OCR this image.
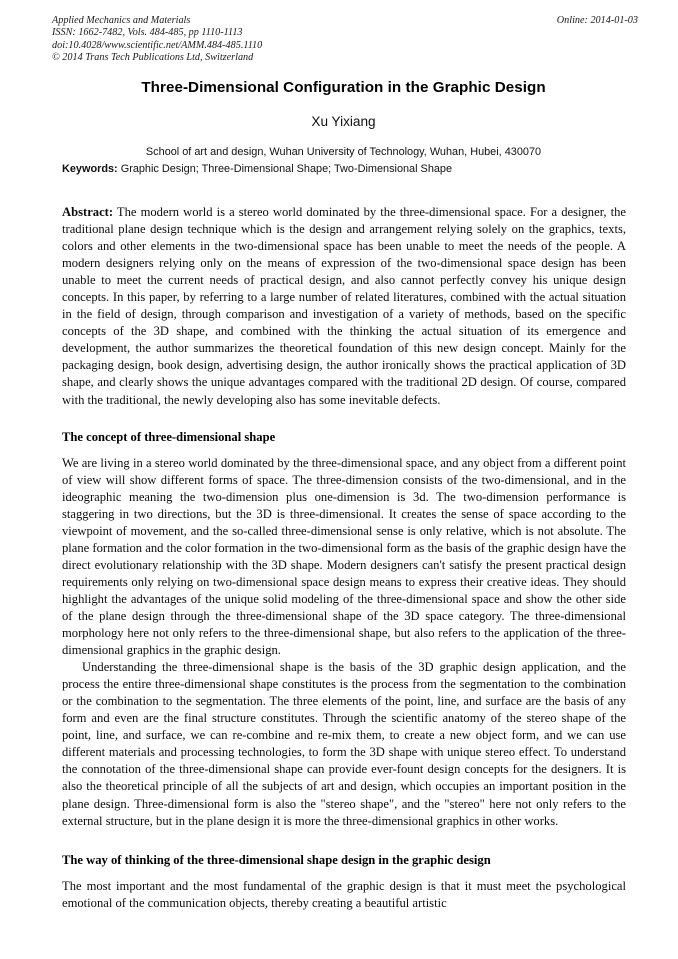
Applied Mechanics and Materials
ISSN: 1662-7482, Vols. 484-485, pp 1110-1113
doi:10.4028/www.scientific.net/AMM.484-485.1110
© 2014 Trans Tech Publications Ltd, Switzerland
Online: 2014-01-03
Three-Dimensional Configuration in the Graphic Design
Xu Yixiang
School of art and design, Wuhan University of Technology, Wuhan, Hubei, 430070
Keywords: Graphic Design; Three-Dimensional Shape; Two-Dimensional Shape

Abstract: The modern world is a stereo world dominated by the three-dimensional space. For a designer, the traditional plane design technique which is the design and arrangement relying solely on the graphics, texts, colors and other elements in the two-dimensional space has been unable to meet the needs of the people. A modern designers relying only on the means of expression of the two-dimensional space design has been unable to meet the current needs of practical design, and also cannot perfectly convey his unique design concepts. In this paper, by referring to a large number of related literatures, combined with the actual situation in the field of design, through comparison and investigation of a variety of methods, based on the specific concepts of the 3D shape, and combined with the thinking the actual situation of its emergence and development, the author summarizes the theoretical foundation of this new design concept. Mainly for the packaging design, book design, advertising design, the author ironically shows the practical application of 3D shape, and clearly shows the unique advantages compared with the traditional 2D design. Of course, compared with the traditional, the newly developing also has some inevitable defects.

The concept of three-dimensional shape

We are living in a stereo world dominated by the three-dimensional space, and any object from a different point of view will show different forms of space. The three-dimension consists of the two-dimensional, and in the ideographic meaning the two-dimension plus one-dimension is 3d. The two-dimension performance is staggering in two directions, but the 3D is three-dimensional. It creates the sense of space according to the viewpoint of movement, and the so-called three-dimensional sense is only relative, which is not absolute. The plane formation and the color formation in the two-dimensional form as the basis of the graphic design have the direct evolutionary relationship with the 3D shape. Modern designers can't satisfy the present practical design requirements only relying on two-dimensional space design means to express their creative ideas. They should highlight the advantages of the unique solid modeling of the three-dimensional space and show the other side of the plane design through the three-dimensional shape of the 3D space category. The three-dimensional morphology here not only refers to the three-dimensional shape, but also refers to the application of the three-dimensional graphics in the graphic design.

Understanding the three-dimensional shape is the basis of the 3D graphic design application, and the process the entire three-dimensional shape constitutes is the process from the segmentation to the combination or the combination to the segmentation. The three elements of the point, line, and surface are the basis of any form and even are the final structure constitutes. Through the scientific anatomy of the stereo shape of the point, line, and surface, we can re-combine and re-mix them, to create a new object form, and we can use different materials and processing technologies, to form the 3D shape with unique stereo effect. To understand the connotation of the three-dimensional shape can provide ever-fount design concepts for the designers. It is also the theoretical principle of all the subjects of art and design, which occupies an important position in the plane design. Three-dimensional form is also the "stereo shape", and the "stereo" here not only refers to the external structure, but in the plane design it is more the three-dimensional graphics in other works.

The way of thinking of the three-dimensional shape design in the graphic design

The most important and the most fundamental of the graphic design is that it must meet the psychological emotional of the communication objects, thereby creating a beautiful artistic
